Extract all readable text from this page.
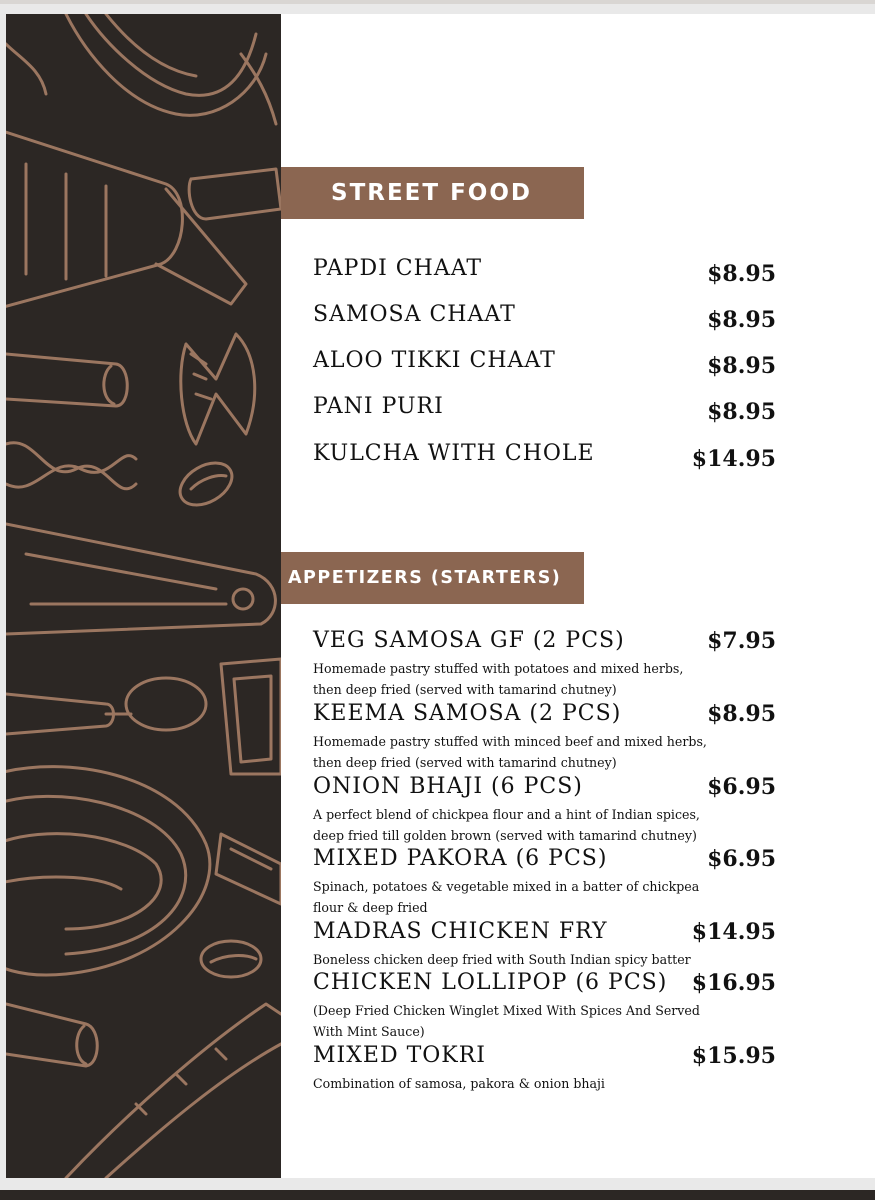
STREET FOOD
PAPDI CHAAT	$8.95
SAMOSA CHAAT	$8.95
ALOO TIKKI CHAAT	$8.95
PANI PURI	$8.95
KULCHA WITH CHOLE	$14.95
APPETIZERS (STARTERS)
VEG SAMOSA GF (2 PCS)	$7.95
Homemade pastry stuffed with potatoes and mixed herbs, then deep fried (served with tamarind chutney)
KEEMA SAMOSA (2 PCS)	$8.95
Homemade pastry stuffed with minced beef and mixed herbs, then deep fried (served with tamarind chutney)
ONION BHAJI (6 PCS)	$6.95
A perfect blend of chickpea flour and a hint of Indian spices, deep fried till golden brown (served with tamarind chutney)
MIXED PAKORA (6 PCS)	$6.95
Spinach, potatoes & vegetable mixed in a batter of chickpea flour & deep fried
MADRAS CHICKEN FRY	$14.95
Boneless chicken deep fried with South Indian spicy batter
CHICKEN LOLLIPOP (6 PCS) $16.95
(Deep Fried Chicken Winglet Mixed With Spices And Served With Mint Sauce)
MIXED TOKRI	$15.95
Combination of samosa, pakora & onion bhaji
